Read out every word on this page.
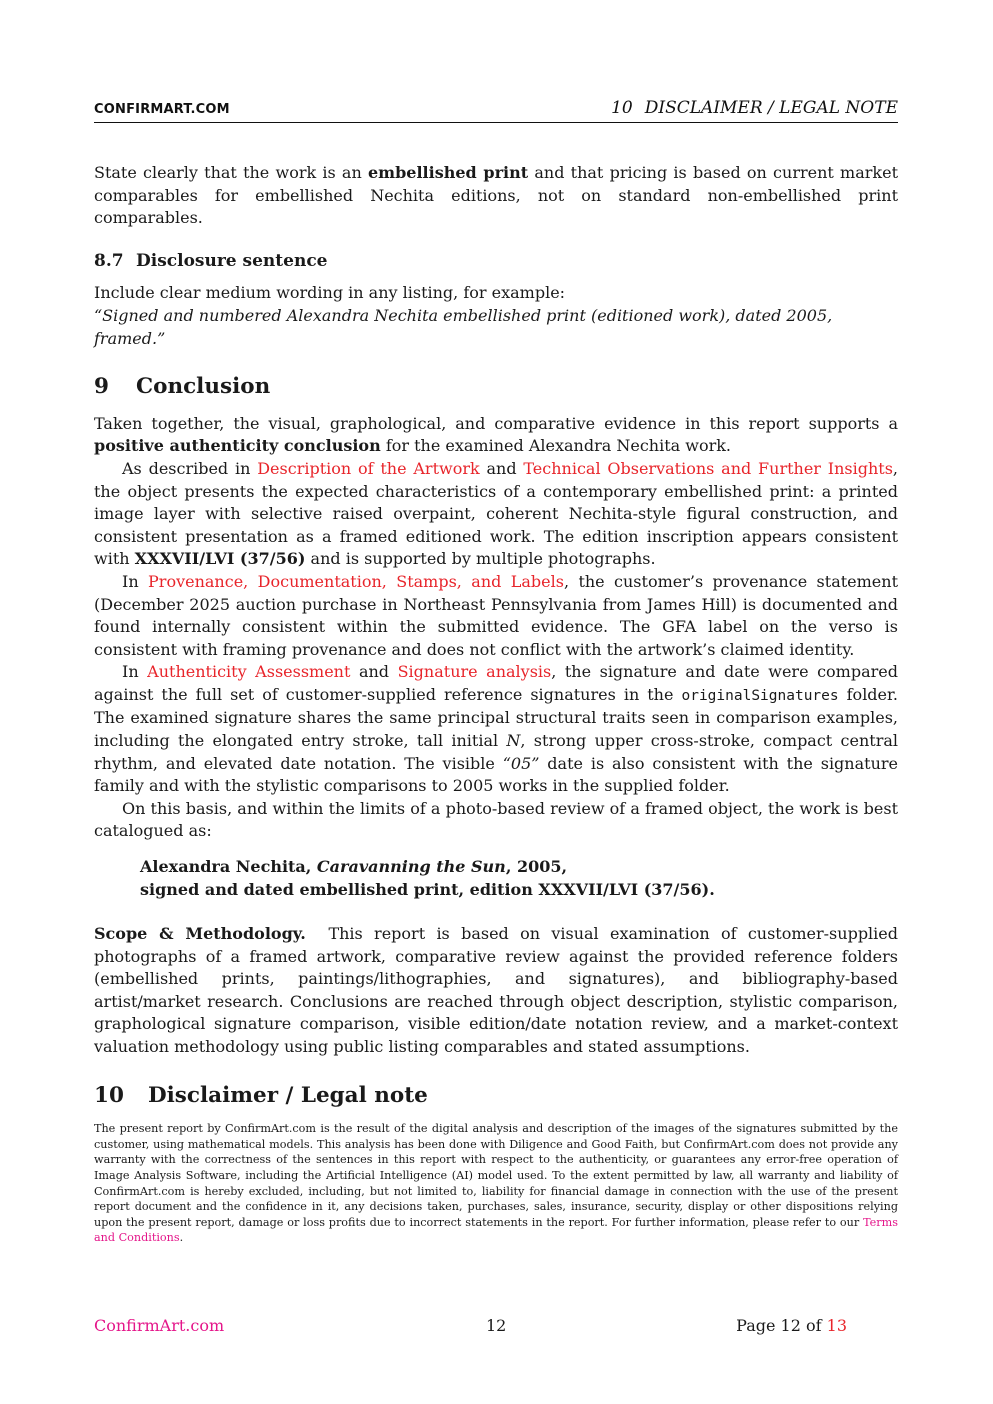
CONFIRMART.COM	10 DISCLAIMER / LEGAL NOTE

State clearly that the work is an embellished print and that pricing is based on current market comparables for embellished Nechita editions, not on standard non-embellished print comparables.

8.7 Disclosure sentence

Include clear medium wording in any listing, for example:
“Signed and numbered Alexandra Nechita embellished print (editioned work), dated 2005, framed.”

9 Conclusion

Taken together, the visual, graphological, and comparative evidence in this report supports a positive authenticity conclusion for the examined Alexandra Nechita work.

As described in Description of the Artwork and Technical Observations and Further Insights, the object presents the expected characteristics of a contemporary embellished print: a printed image layer with selective raised overpaint, coherent Nechita-style figural construction, and consistent presentation as a framed editioned work. The edition inscription appears consistent with XXXVII/LVI (37/56) and is supported by multiple photographs.

In Provenance, Documentation, Stamps, and Labels, the customer’s provenance statement (December 2025 auction purchase in Northeast Pennsylvania from James Hill) is documented and found internally consistent within the submitted evidence. The GFA label on the verso is consistent with framing provenance and does not conflict with the artwork’s claimed identity.

In Authenticity Assessment and Signature analysis, the signature and date were compared against the full set of customer-supplied reference signatures in the originalSignatures folder. The examined signature shares the same principal structural traits seen in comparison examples, including the elongated entry stroke, tall initial N, strong upper cross-stroke, compact central rhythm, and elevated date notation. The visible “05” date is also consistent with the signature family and with the stylistic comparisons to 2005 works in the supplied folder.

On this basis, and within the limits of a photo-based review of a framed object, the work is best catalogued as:

Alexandra Nechita, Caravanning the Sun, 2005,
signed and dated embellished print, edition XXXVII/LVI (37/56).

Scope & Methodology. This report is based on visual examination of customer-supplied photographs of a framed artwork, comparative review against the provided reference folders (embellished prints, paintings/lithographies, and signatures), and bibliography-based artist/market research. Conclusions are reached through object description, stylistic comparison, graphological signature comparison, visible edition/date notation review, and a market-context valuation methodology using public listing comparables and stated assumptions.

10 Disclaimer / Legal note

The present report by ConfirmArt.com is the result of the digital analysis and description of the images of the signatures submitted by the customer, using mathematical models. This analysis has been done with Diligence and Good Faith, but ConfirmArt.com does not provide any warranty with the correctness of the sentences in this report with respect to the authenticity, or guarantees any error-free operation of Image Analysis Software, including the Artificial Intelligence (AI) model used. To the extent permitted by law, all warranty and liability of ConfirmArt.com is hereby excluded, including, but not limited to, liability for financial damage in connection with the use of the present report document and the confidence in it, any decisions taken, purchases, sales, insurance, security, display or other dispositions relying upon the present report, damage or loss profits due to incorrect statements in the report. For further information, please refer to our Terms and Conditions.

ConfirmArt.com	12	Page 12 of 13
